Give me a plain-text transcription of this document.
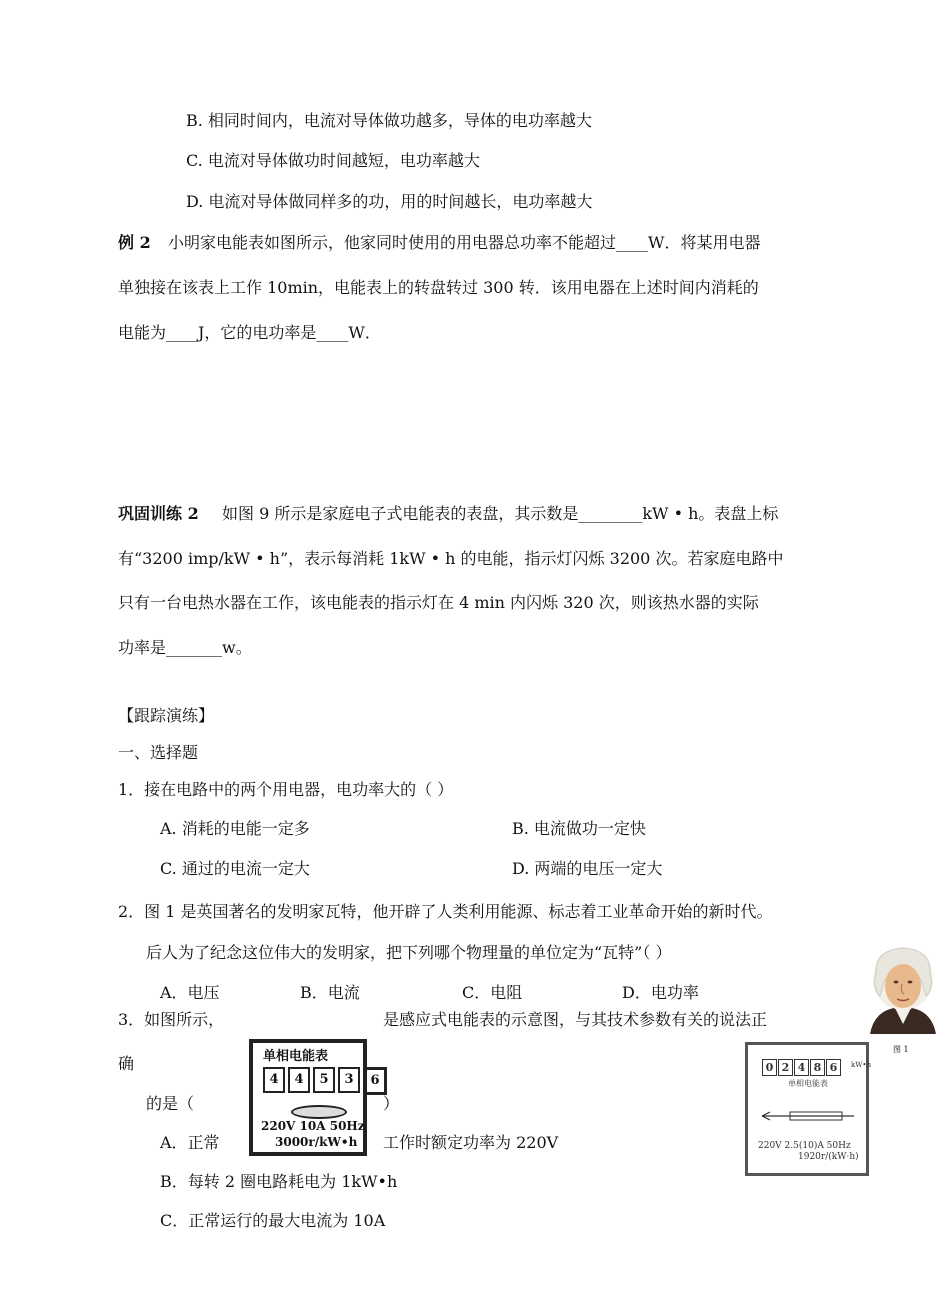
B. 相同时间内，电流对导体做功越多，导体的电功率越大
C. 电流对导体做功时间越短，电功率越大
D. 电流对导体做同样多的功，用的时间越长，电功率越大
例 2 小明家电能表如图所示，他家同时使用的用电器总功率不能超过____W．将某用电器
单独接在该表上工作 10min，电能表上的转盘转过 300 转．该用电器在上述时间内消耗的
电能为____J，它的电功率是____W．
巩固训练 2 如图 9 所示是家庭电子式电能表的表盘，其示数是________kW • h。表盘上标
有“3200 imp/kW • h”，表示每消耗 1kW • h 的电能，指示灯闪烁 3200 次。若家庭电路中
只有一台电热水器在工作，该电能表的指示灯在 4 min 内闪烁 320 次，则该热水器的实际
功率是_______w。
【跟踪演练】
一、选择题
1．接在电路中的两个用电器，电功率大的（ ）
A. 消耗的电能一定多	B. 电流做功一定快
C. 通过的电流一定大	D. 两端的电压一定大
2．图 1 是英国著名的发明家瓦特，他开辟了人类利用能源、标志着工业革命开始的新时代。
后人为了纪念这位伟大的发明家，把下列哪个物理量的单位定为“瓦特”（ ）
A．电压	B．电流	C．电阻	D．电功率
3．如图所示，	是感应式电能表的示意图，与其技术参数有关的说法正
确
的是（	）
A．正常	工作时额定功率为 220V
B．每转 2 圈电路耗电为 1kW•h
C．正常运行的最大电流为 10A
单相电能表
4	4	5	3	6
220V 10A 50Hz
3000r/kW•h
图 1
0 2 4 8 6	kW•h
单相电能表
220V 2.5(10)A 50Hz
1920r/(kW·h)
